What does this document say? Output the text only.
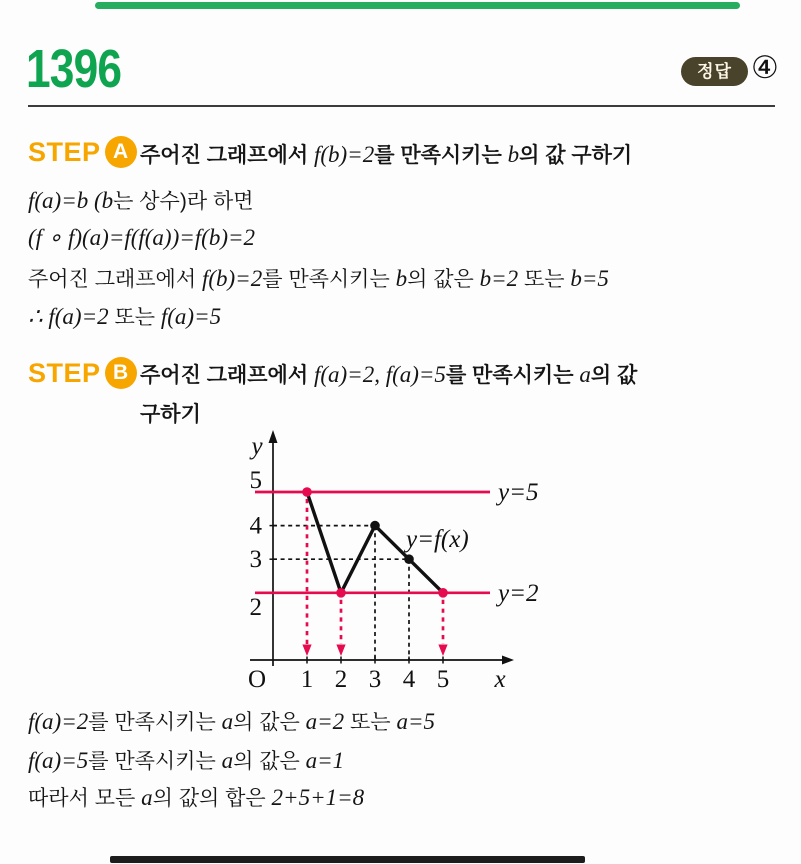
1396	정답 ④
STEP A 주어진 그래프에서 f(b)=2를 만족시키는 b의 값 구하기
f(a)=b (b는 상수)라 하면
(f ∘ f)(a)=f(f(a))=f(b)=2
주어진 그래프에서 f(b)=2를 만족시키는 b의 값은 b=2 또는 b=5
∴ f(a)=2 또는 f(a)=5
STEP B 주어진 그래프에서 f(a)=2, f(a)=5를 만족시키는 a의 값
구하기
1 2 3 4 5
5
4
3
2
y=5
y=2
y
x
O
y=f(x)
f(a)=2를 만족시키는 a의 값은 a=2 또는 a=5
f(a)=5를 만족시키는 a의 값은 a=1
따라서 모든 a의 값의 합은 2+5+1=8
